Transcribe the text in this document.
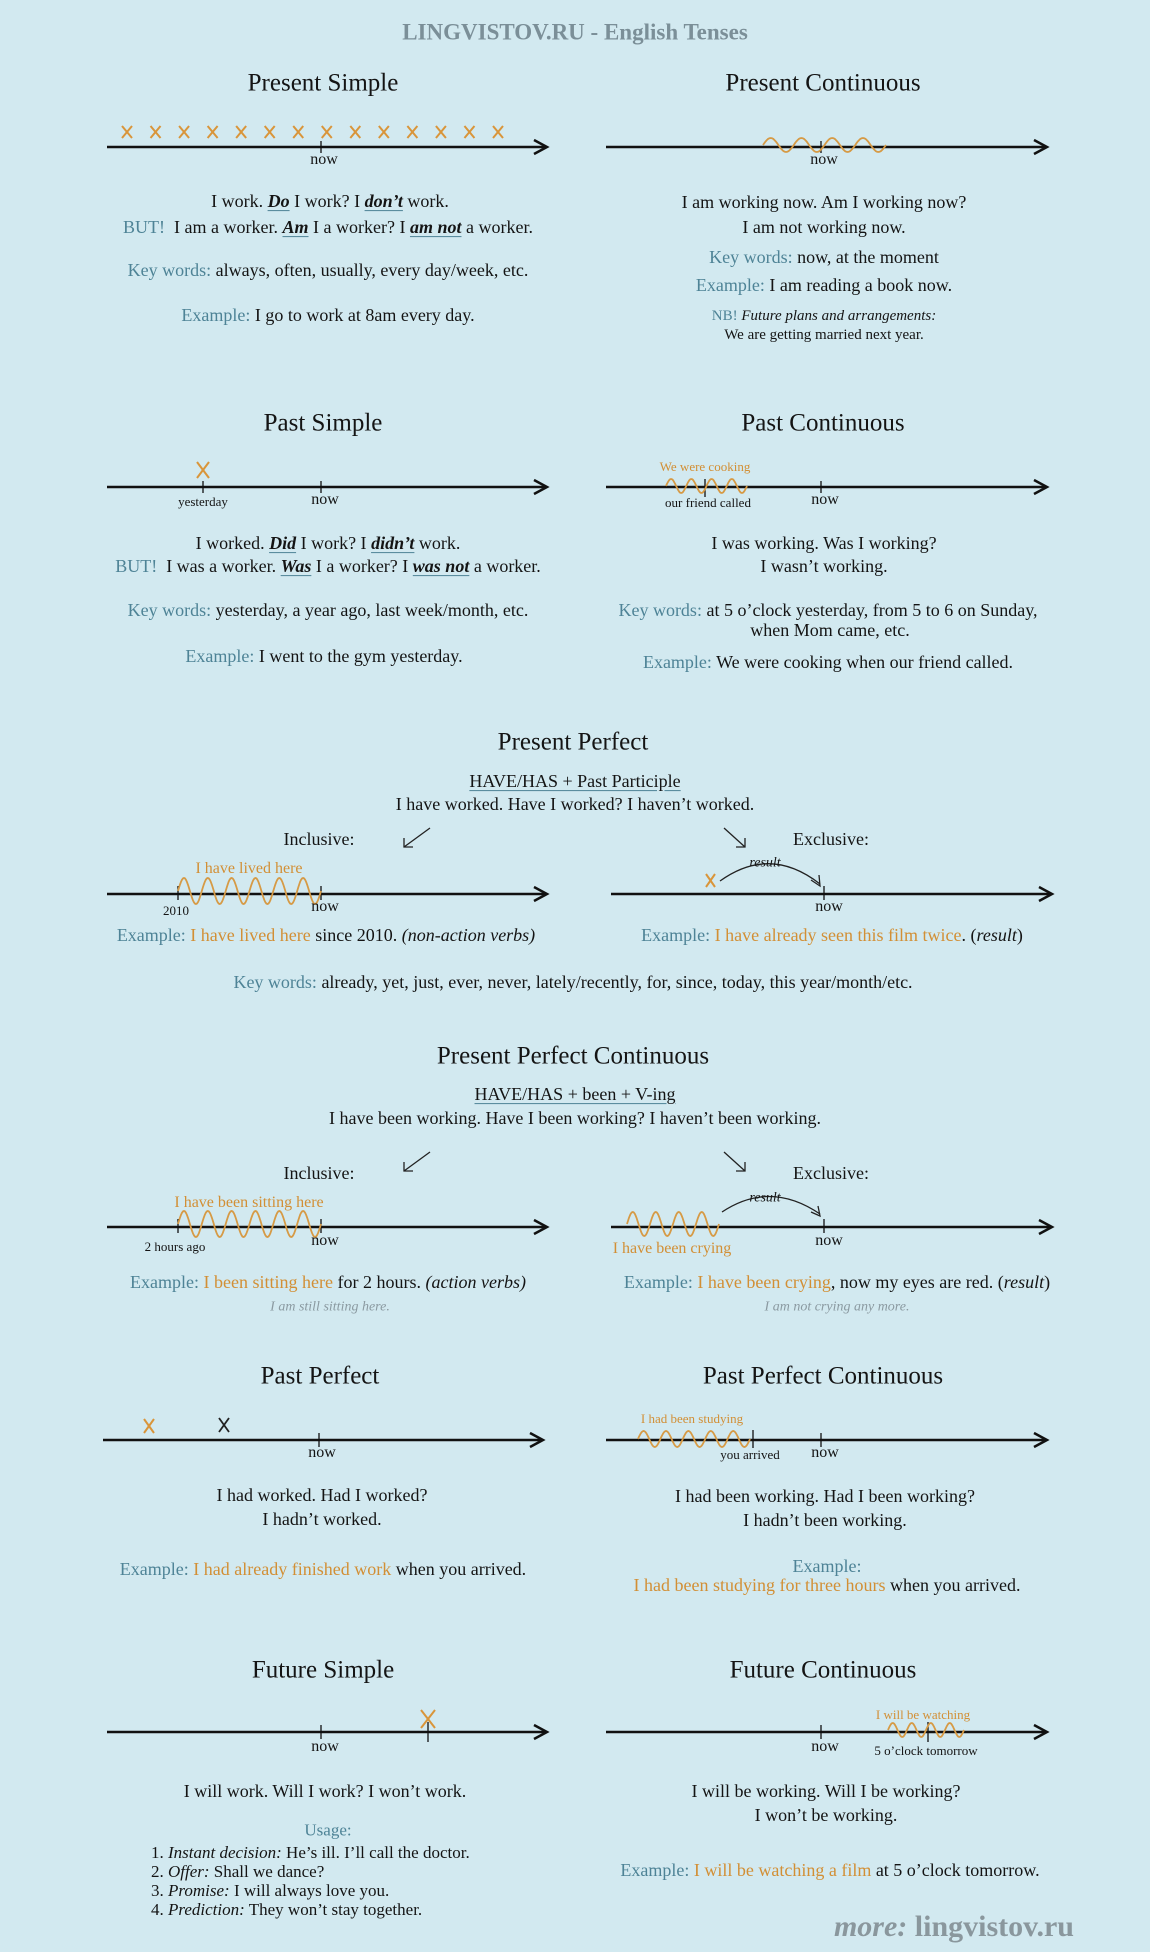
LINGVISTOV.RU - English Tenses
Present Simple
now
I work. Do I work? I don’t work.
BUT! I am a worker. Am I a worker? I am not a worker.
Key words: always, often, usually, every day/week, etc.
Example: I go to work at 8am every day.
Present Continuous
now
I am working now. Am I working now?
I am not working now.
Key words: now, at the moment
Example: I am reading a book now.
NB! Future plans and arrangements:
We are getting married next year.
Past Simple
yesterday	now
I worked. Did I work? I didn’t work.
BUT! I was a worker. Was I a worker? I was not a worker.
Key words: yesterday, a year ago, last week/month, etc.
Example: I went to the gym yesterday.
Past Continuous
We were cooking
our friend called	now
I was working. Was I working?
I wasn’t working.
Key words: at 5 o’clock yesterday, from 5 to 6 on Sunday,
when Mom came, etc.
Example: We were cooking when our friend called.
Present Perfect
HAVE/HAS + Past Participle
I have worked. Have I worked? I haven’t worked.
Inclusive:	Exclusive:
I have lived here
2010	now
result
now
Example: I have lived here since 2010. (non-action verbs)	Example: I have already seen this film twice. (result)
Key words: already, yet, just, ever, never, lately/recently, for, since, today, this year/month/etc.
Present Perfect Continuous
HAVE/HAS + been + V-ing
I have been working. Have I been working? I haven’t been working.
Inclusive:	Exclusive:
I have been sitting here
2 hours ago	now	I have been crying
result
now
Example: I been sitting here for 2 hours. (action verbs)
I am still sitting here.
Example: I have been crying, now my eyes are red. (result)
I am not crying any more.
Past Perfect
now
I had worked. Had I worked?
I hadn’t worked.
Example: I had already finished work when you arrived.
Past Perfect Continuous
I had been studying
you arrived now
I had been working. Had I been working?
I hadn’t been working.
Example:
I had been studying for three hours when you arrived.
Future Simple
now
I will work. Will I work? I won’t work.
Usage:
1. Instant decision: He’s ill. I’ll call the doctor.
2. Offer: Shall we dance?
3. Promise: I will always love you.
4. Prediction: They won’t stay together.
Future Continuous
I will be watching
5 o’clock tomorrow
now
I will be working. Will I be working?
I won’t be working.
Example: I will be watching a film at 5 o’clock tomorrow.
more: lingvistov.ru
